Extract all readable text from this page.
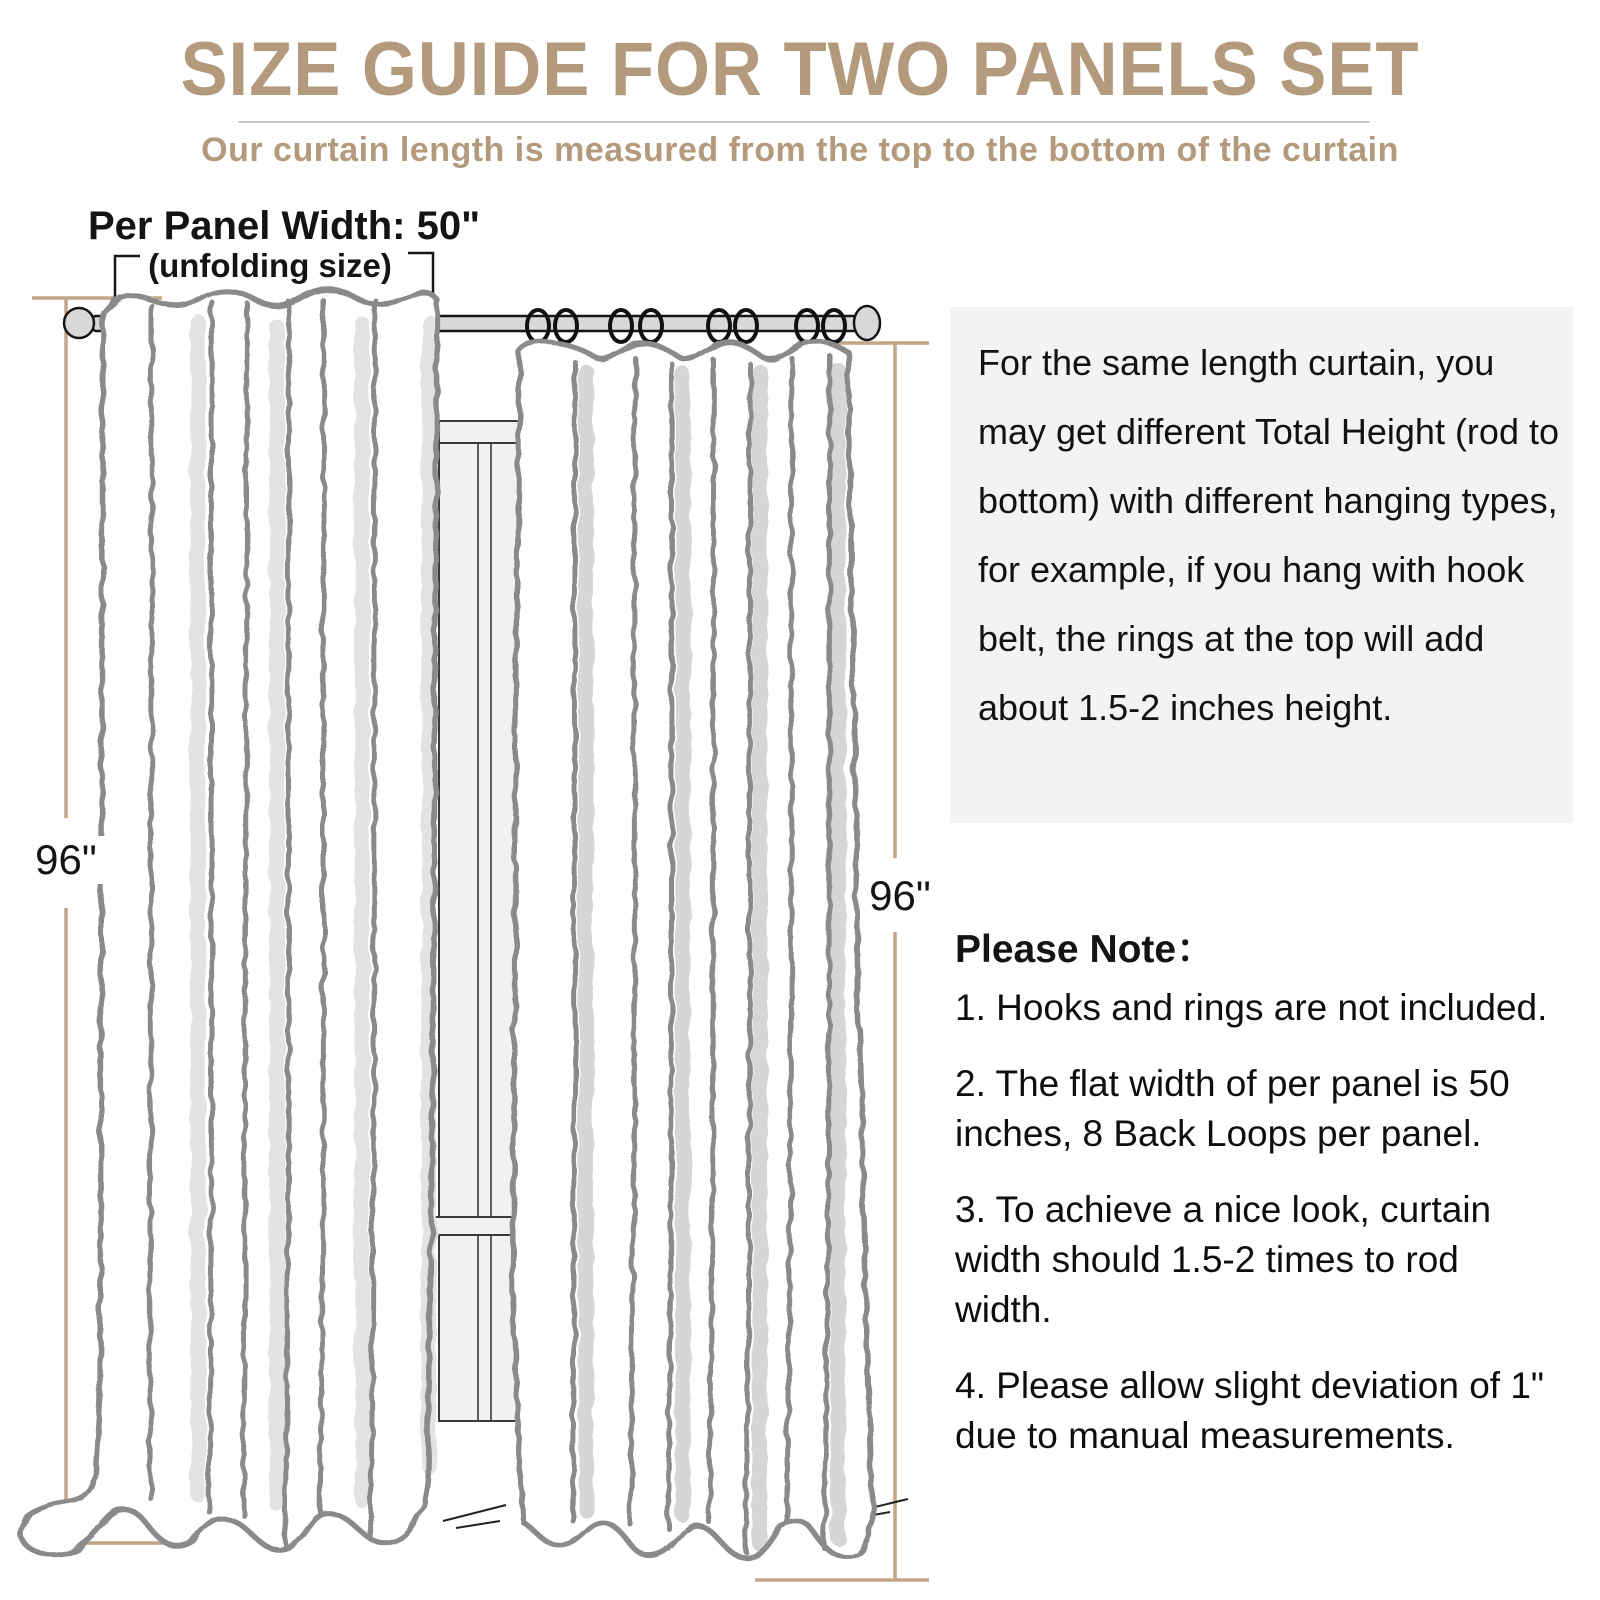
SIZE GUIDE FOR TWO PANELS SET
Our curtain length is measured from the top to the bottom of the curtain
Per Panel Width: 50"
(unfolding size)
96"
96"

For the same length curtain, you may get different Total Height (rod to bottom) with different hanging types, for example, if you hang with hook belt, the rings at the top will add about 1.5-2 inches height.

Please Note：
1. Hooks and rings are not included.
2. The flat width of per panel is 50 inches, 8 Back Loops per panel.
3. To achieve a nice look, curtain width should 1.5-2 times to rod width.
4. Please allow slight deviation of 1" due to manual measurements.
